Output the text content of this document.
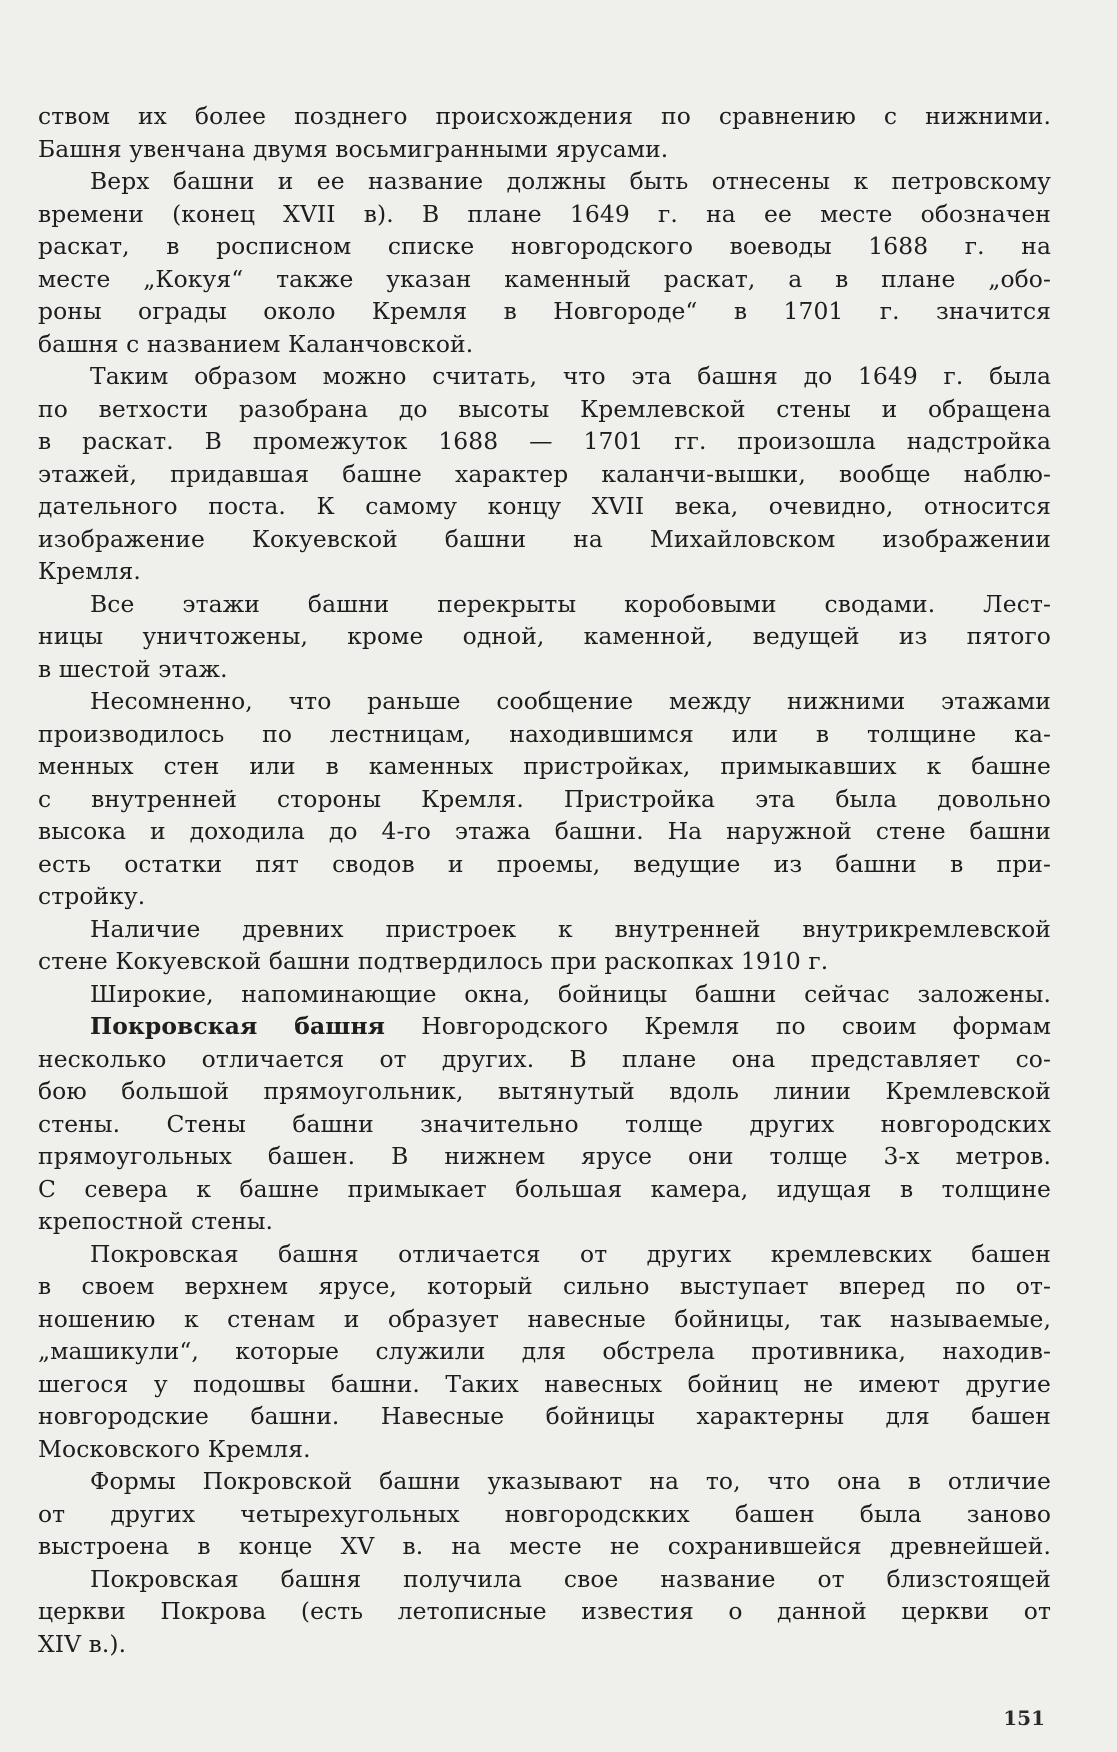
ством их более позднего происхождения по сравнению с нижними.
Башня увенчана двумя восьмигранными ярусами.
Верх башни и ее название должны быть отнесены к петровскому
времени (конец XVII в). В плане 1649 г. на ее месте обозначен
раскат, в росписном списке новгородского воеводы 1688 г. на
месте „Кокуя“ также указан каменный раскат, а в плане „обо-
роны ограды около Кремля в Новгороде“ в 1701 г. значится
башня с названием Каланчовской.
Таким образом можно считать, что эта башня до 1649 г. была
по ветхости разобрана до высоты Кремлевской стены и обращена
в раскат. В промежуток 1688 — 1701 гг. произошла надстройка
этажей, придавшая башне характер каланчи-вышки, вообще наблю-
дательного поста. К самому концу XVII века, очевидно, относится
изображение Кокуевской башни на Михайловском изображении
Кремля.
Все этажи башни перекрыты коробовыми сводами. Лест-
ницы уничтожены, кроме одной, каменной, ведущей из пятого
в шестой этаж.
Несомненно, что раньше сообщение между нижними этажами
производилось по лестницам, находившимся или в толщине ка-
менных стен или в каменных пристройках, примыкавших к башне
с внутренней стороны Кремля. Пристройка эта была довольно
высока и доходила до 4-го этажа башни. На наружной стене башни
есть остатки пят сводов и проемы, ведущие из башни в при-
стройку.
Наличие древних пристроек к внутренней внутрикремлевской
стене Кокуевской башни подтвердилось при раскопках 1910 г.
Широкие, напоминающие окна, бойницы башни сейчас заложены.
Покровская башня Новгородского Кремля по своим формам
несколько отличается от других. В плане она представляет со-
бою большой прямоугольник, вытянутый вдоль линии Кремлевской
стены. Стены башни значительно толще других новгородских
прямоугольных башен. В нижнем ярусе они толще 3-х метров.
С севера к башне примыкает большая камера, идущая в толщине
крепостной стены.
Покровская башня отличается от других кремлевских башен
в своем верхнем ярусе, который сильно выступает вперед по от-
ношению к стенам и образует навесные бойницы, так называемые,
„машикули“, которые служили для обстрела противника, находив-
шегося у подошвы башни. Таких навесных бойниц не имеют другие
новгородские башни. Навесные бойницы характерны для башен
Московского Кремля.
Формы Покровской башни указывают на то, что она в отличие
от других четырехугольных новгородскких башен была заново
выстроена в конце XV в. на месте не сохранившейся древнейшей.
Покровская башня получила свое название от близстоящей
церкви Покрова (есть летописные известия о данной церкви от
XIV в.).
151
